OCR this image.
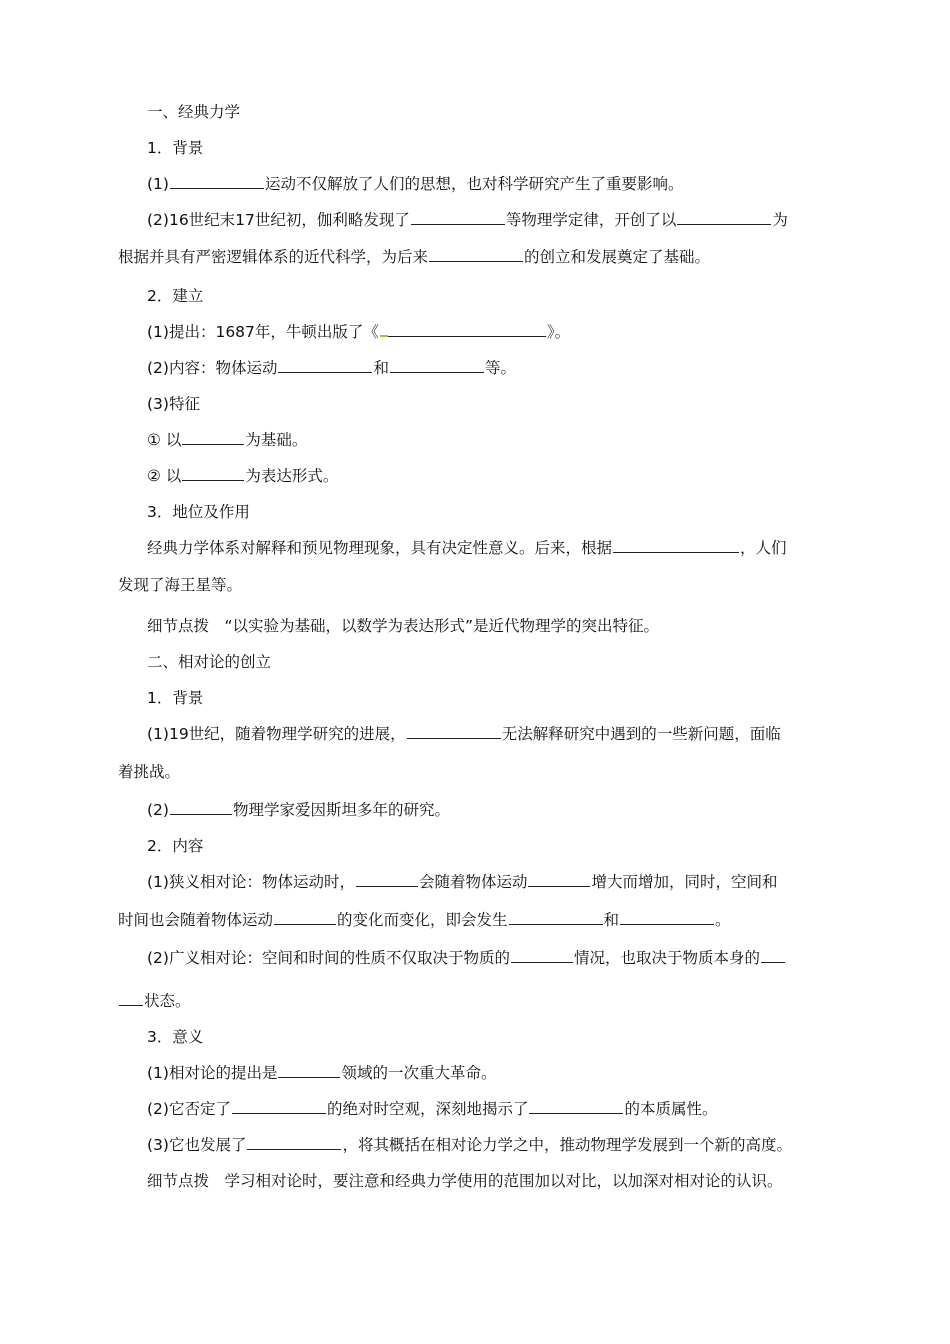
一、经典力学
1．背景
(1)	运动不仅解放了人们的思想，也对科学研究产生了重要影响。
(2)16世纪末17世纪初，伽利略发现了	等物理学定律，开创了以	为
根据并具有严密逻辑体系的近代科学，为后来	的创立和发展奠定了基础。
2．建立
(1)提出：1687年，牛顿出版了《	》。
(2)内容：物体运动	和	等。
(3)特征
① 以	为基础。
② 以	为表达形式。
3．地位及作用
经典力学体系对解释和预见物理现象，具有决定性意义。后来，根据	，人们
发现了海王星等。
细节点拨　“以实验为基础，以数学为表达形式”是近代物理学的突出特征。
二、相对论的创立
1．背景
(1)19世纪，随着物理学研究的进展，	无法解释研究中遇到的一些新问题，面临
着挑战。
(2)	物理学家爱因斯坦多年的研究。
2．内容
(1)狭义相对论：物体运动时，	会随着物体运动	增大而增加，同时，空间和
时间也会随着物体运动	的变化而变化，即会发生	和	。
(2)广义相对论：空间和时间的性质不仅取决于物质的	情况，也取决于物质本身的
状态。
3．意义
(1)相对论的提出是	领域的一次重大革命。
(2)它否定了	的绝对时空观，深刻地揭示了	的本质属性。
(3)它也发展了	，将其概括在相对论力学之中，推动物理学发展到一个新的高度。
细节点拨　学习相对论时，要注意和经典力学使用的范围加以对比，以加深对相对论的认识。
